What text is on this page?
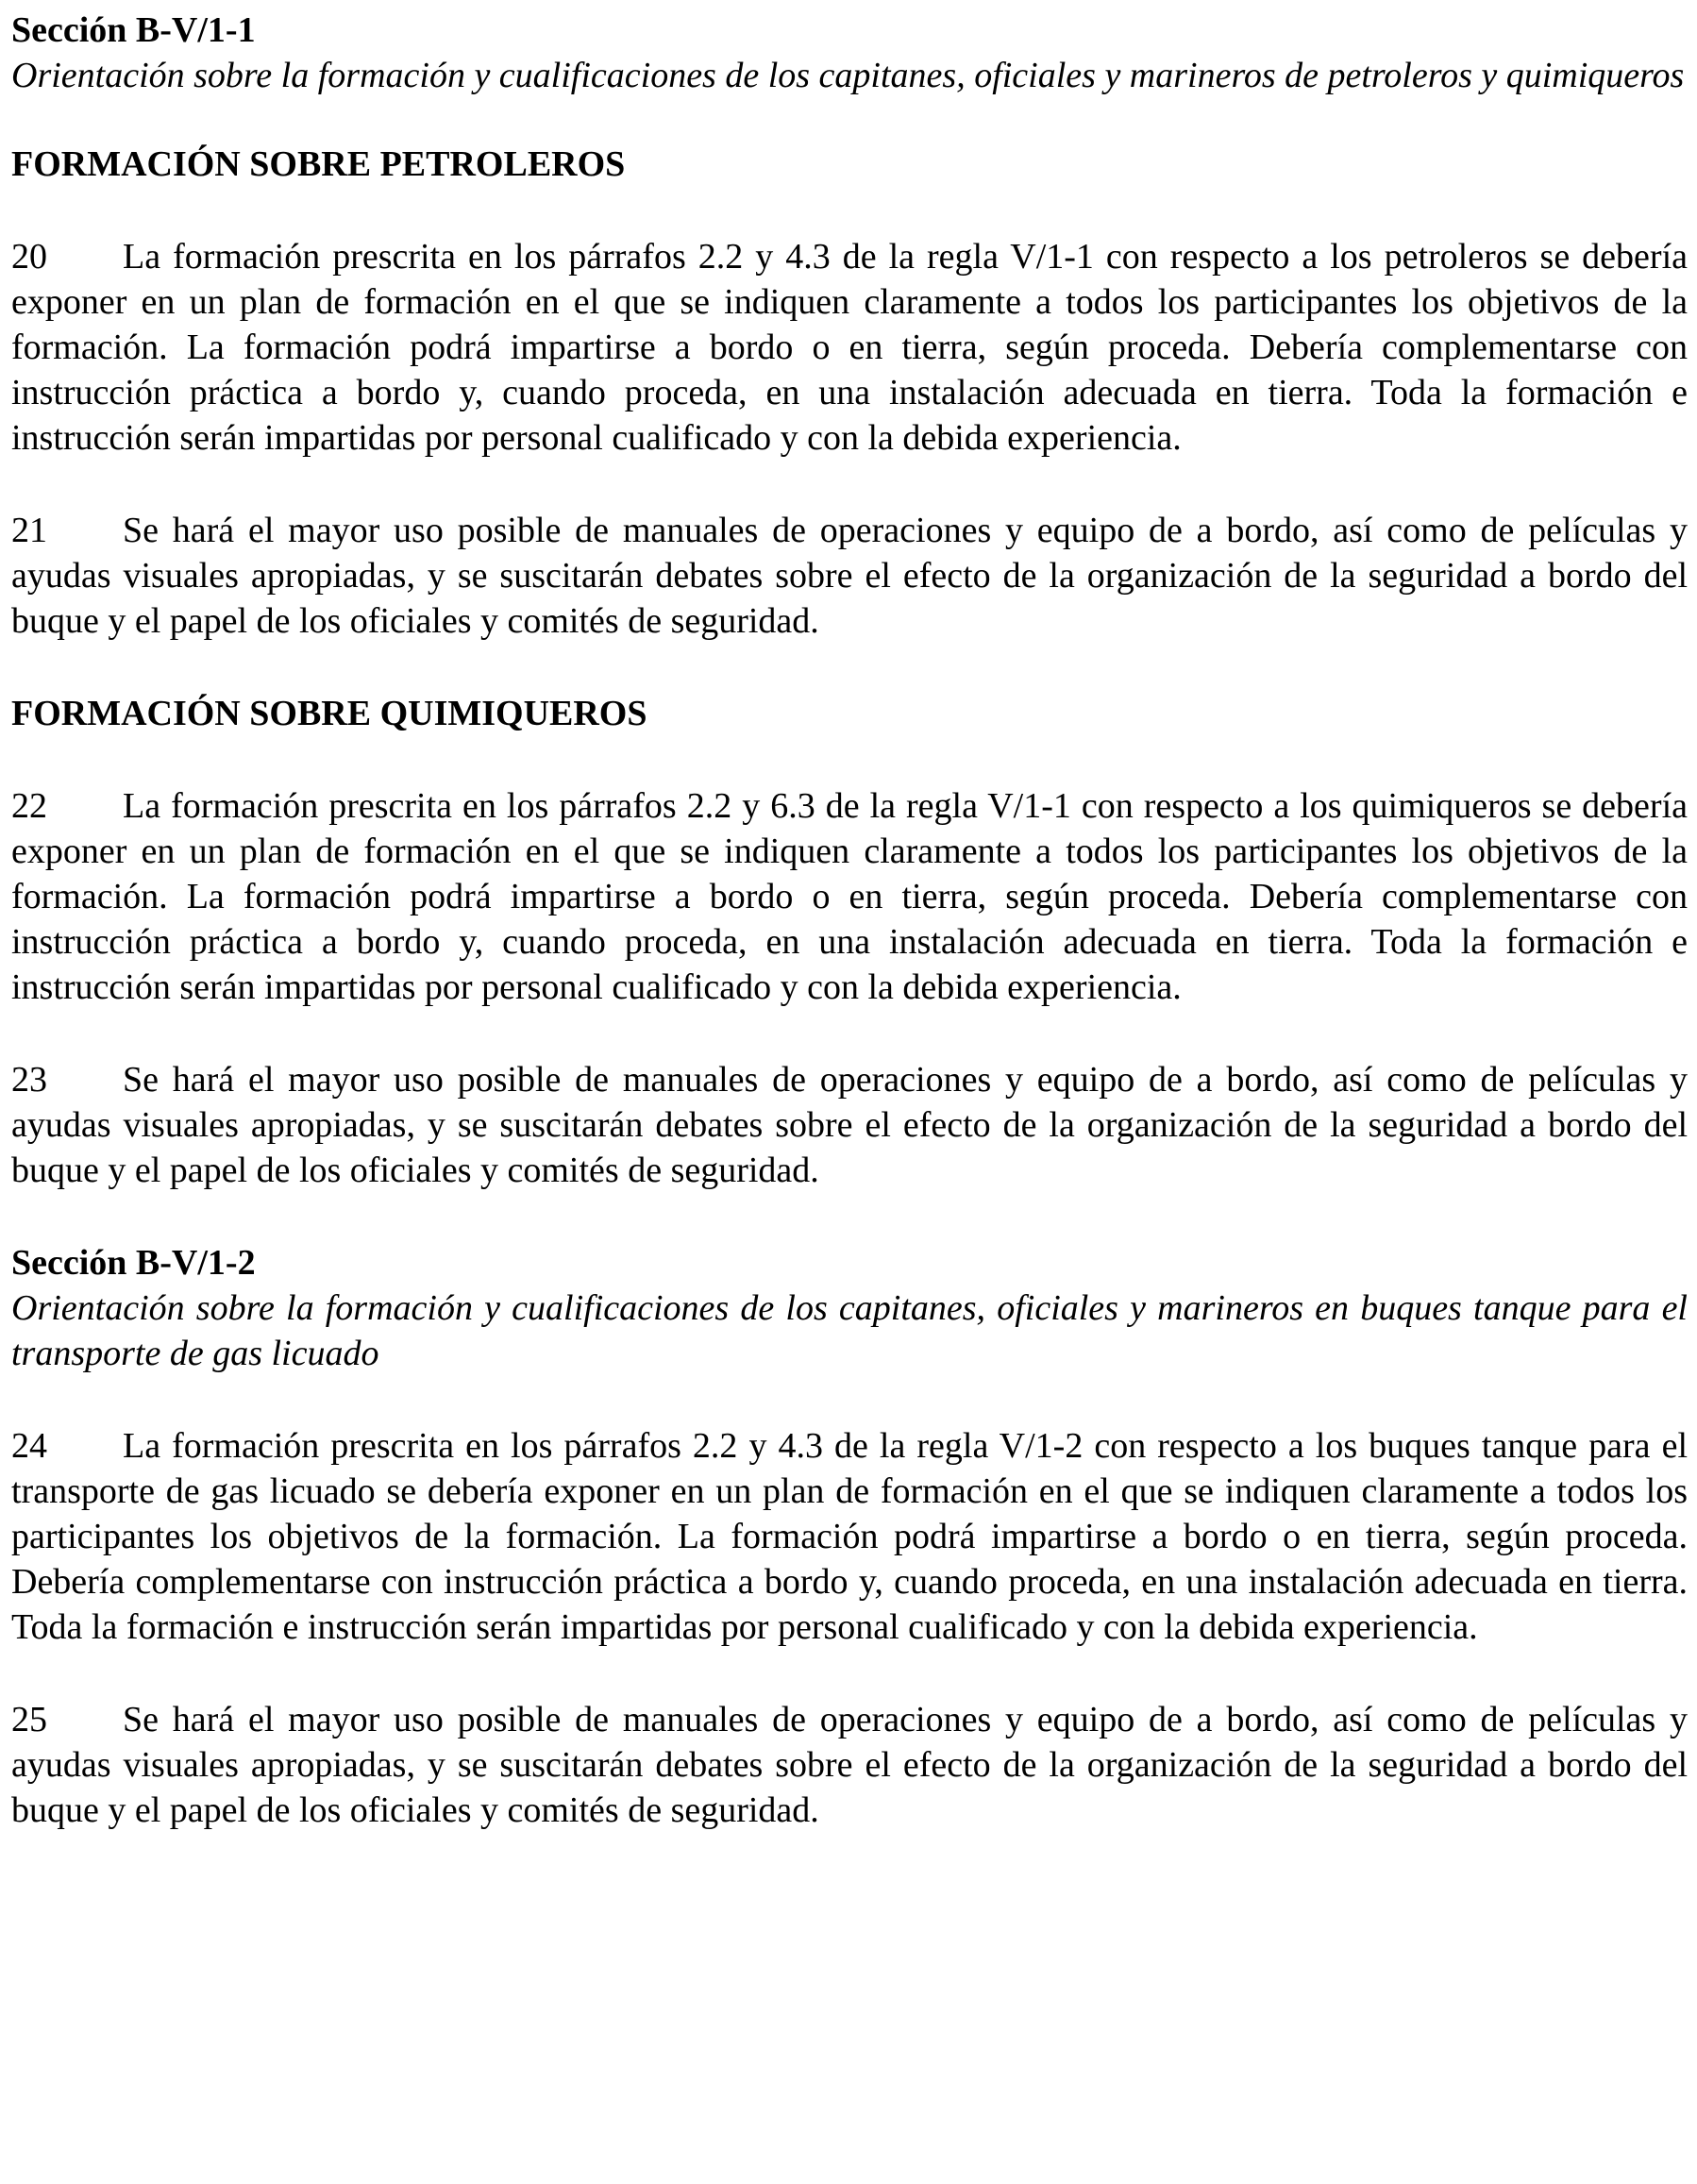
Sección B-V/1-1

Orientación sobre la formación y cualificaciones de los capitanes, oficiales y marineros de petroleros y quimiqueros

FORMACIÓN SOBRE PETROLEROS

20 La formación prescrita en los párrafos 2.2 y 4.3 de la regla V/1-1 con respecto a los petroleros se debería exponer en un plan de formación en el que se indiquen claramente a todos los participantes los objetivos de la formación. La formación podrá impartirse a bordo o en tierra, según proceda. Debería complementarse con instrucción práctica a bordo y, cuando proceda, en una instalación adecuada en tierra. Toda la formación e instrucción serán impartidas por personal cualificado y con la debida experiencia.

21 Se hará el mayor uso posible de manuales de operaciones y equipo de a bordo, así como de películas y ayudas visuales apropiadas, y se suscitarán debates sobre el efecto de la organización de la seguridad a bordo del buque y el papel de los oficiales y comités de seguridad.

FORMACIÓN SOBRE QUIMIQUEROS

22 La formación prescrita en los párrafos 2.2 y 6.3 de la regla V/1-1 con respecto a los quimiqueros se debería exponer en un plan de formación en el que se indiquen claramente a todos los participantes los objetivos de la formación. La formación podrá impartirse a bordo o en tierra, según proceda. Debería complementarse con instrucción práctica a bordo y, cuando proceda, en una instalación adecuada en tierra. Toda la formación e instrucción serán impartidas por personal cualificado y con la debida experiencia.

23 Se hará el mayor uso posible de manuales de operaciones y equipo de a bordo, así como de películas y ayudas visuales apropiadas, y se suscitarán debates sobre el efecto de la organización de la seguridad a bordo del buque y el papel de los oficiales y comités de seguridad.

Sección B-V/1-2

Orientación sobre la formación y cualificaciones de los capitanes, oficiales y marineros en buques tanque para el transporte de gas licuado

24 La formación prescrita en los párrafos 2.2 y 4.3 de la regla V/1-2 con respecto a los buques tanque para el transporte de gas licuado se debería exponer en un plan de formación en el que se indiquen claramente a todos los participantes los objetivos de la formación. La formación podrá impartirse a bordo o en tierra, según proceda. Debería complementarse con instrucción práctica a bordo y, cuando proceda, en una instalación adecuada en tierra. Toda la formación e instrucción serán impartidas por personal cualificado y con la debida experiencia.

25 Se hará el mayor uso posible de manuales de operaciones y equipo de a bordo, así como de películas y ayudas visuales apropiadas, y se suscitarán debates sobre el efecto de la organización de la seguridad a bordo del buque y el papel de los oficiales y comités de seguridad.
